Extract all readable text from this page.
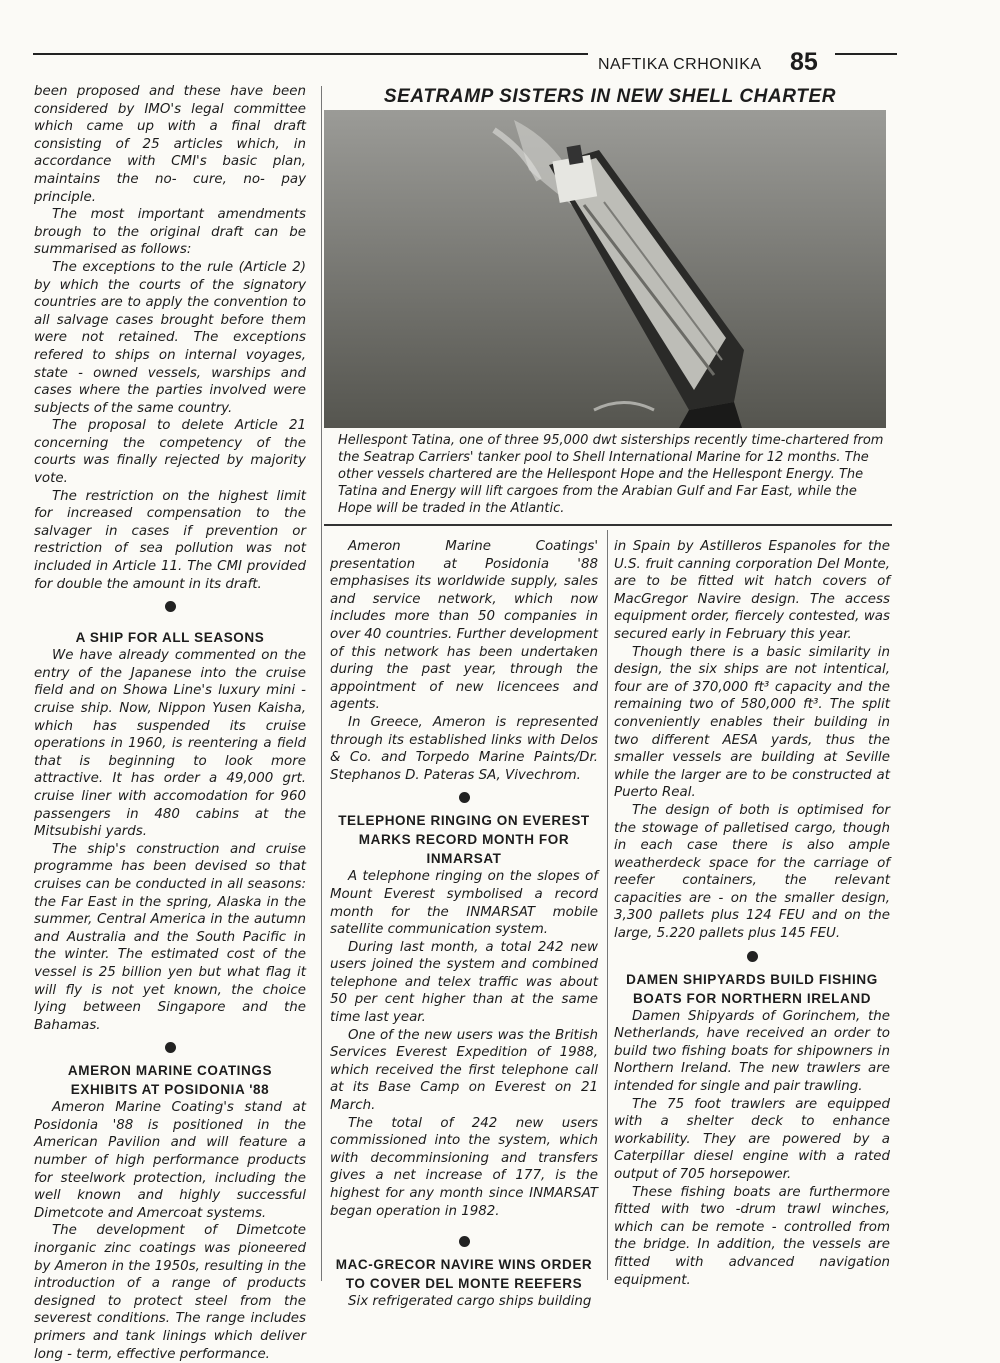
NAFTIKA CRHONIKA 85
SEATRAMP SISTERS IN NEW SHELL CHARTER
Hellespont Tatina, one of three 95,000 dwt sisterships recently time-chartered from the Seatrap Carriers' tanker pool to Shell International Marine for 12 months. The other vessels chartered are the Hellespont Hope and the Hellespont Energy. The Tatina and Energy will lift cargoes from the Arabian Gulf and Far East, while the Hope will be traded in the Atlantic.

been proposed and these have been considered by IMO's legal committee which came up with a final draft consisting of 25 articles which, in accordance with CMI's basic plan, maintains the no- cure, no- pay principle.

The most important amendments brough to the original draft can be summarised as follows:

The exceptions to the rule (Article 2) by which the courts of the signatory countries are to apply the convention to all salvage cases brought before them were not retained. The exceptions refered to ships on internal voyages, state - owned vessels, warships and cases where the parties involved were subjects of the same country.

The proposal to delete Article 21 concerning the competency of the courts was finally rejected by majority vote.

The restriction on the highest limit for increased compensation to the salvager in cases if prevention or restriction of sea pollution was not included in Article 11. The CMI provided for double the amount in its draft.

A SHIP FOR ALL SEASONS

We have already commented on the entry of the Japanese into the cruise field and on Showa Line's luxury mini - cruise ship. Now, Nippon Yusen Kaisha, which has suspended its cruise operations in 1960, is reentering a field that is beginning to look more attractive. It has order a 49,000 grt. cruise liner with accomodation for 960 passengers in 480 cabins at the Mitsubishi yards.

The ship's construction and cruise programme has been devised so that cruises can be conducted in all seasons: the Far East in the spring, Alaska in the summer, Central America in the autumn and Australia and the South Pacific in the winter. The estimated cost of the vessel is 25 billion yen but what flag it will fly is not yet known, the choice lying between Singapore and the Bahamas.

AMERON MARINE COATINGS EXHIBITS AT POSIDONIA '88

Ameron Marine Coating's stand at Posidonia '88 is positioned in the American Pavilion and will feature a number of high performance products for steelwork protection, including the well known and highly successful Dimetcote and Amercoat systems.

The development of Dimetcote inorganic zinc coatings was pioneered by Ameron in the 1950s, resulting in the introduction of a range of products designed to protect steel from the severest conditions. The range includes primers and tank linings which deliver long - term, effective performance.

Ameron Marine Coatings' presentation at Posidonia '88 emphasises its worldwide supply, sales and service network, which now includes more than 50 companies in over 40 countries. Further development of this network has been undertaken during the past year, through the appointment of new licencees and agents.

In Greece, Ameron is represented through its established links with Delos & Co. and Torpedo Marine Paints/Dr. Stephanos D. Pateras SA, Vivechrom.

TELEPHONE RINGING ON EVEREST MARKS RECORD MONTH FOR INMARSAT

A telephone ringing on the slopes of Mount Everest symbolised a record month for the INMARSAT mobile satellite communication system.

During last month, a total 242 new users joined the system and combined telephone and telex traffic was about 50 per cent higher than at the same time last year.

One of the new users was the British Services Everest Expedition of 1988, which received the first telephone call at its Base Camp on Everest on 21 March.

The total of 242 new users commissioned into the system, which with decomminsioning and transfers gives a net increase of 177, is the highest for any month since INMARSAT began operation in 1982.

MAC-GRECOR NAVIRE WINS ORDER TO COVER DEL MONTE REEFERS

Six refrigerated cargo ships building

in Spain by Astilleros Espanoles for the U.S. fruit canning corporation Del Monte, are to be fitted wit hatch covers of MacGregor Navire design. The access equipment order, fiercely contested, was secured early in February this year.

Though there is a basic similarity in design, the six ships are not intentical, four are of 370,000 ft³ capacity and the remaining two of 580,000 ft³. The split conveniently enables their building in two different AESA yards, thus the smaller vessels are building at Seville while the larger are to be constructed at Puerto Real.

The design of both is optimised for the stowage of palletised cargo, though in each case there is also ample weatherdeck space for the carriage of reefer containers, the relevant capacities are - on the smaller design, 3,300 pallets plus 124 FEU and on the large, 5.220 pallets plus 145 FEU.

DAMEN SHIPYARDS BUILD FISHING BOATS FOR NORTHERN IRELAND

Damen Shipyards of Gorinchem, the Netherlands, have received an order to build two fishing boats for shipowners in Northern Ireland. The new trawlers are intended for single and pair trawling.

The 75 foot trawlers are equipped with a shelter deck to enhance workability. They are powered by a Caterpillar diesel engine with a rated output of 705 horsepower.

These fishing boats are furthermore fitted with two -drum trawl winches, which can be remote - controlled from the bridge. In addition, the vessels are fitted with advanced navigation equipment.
